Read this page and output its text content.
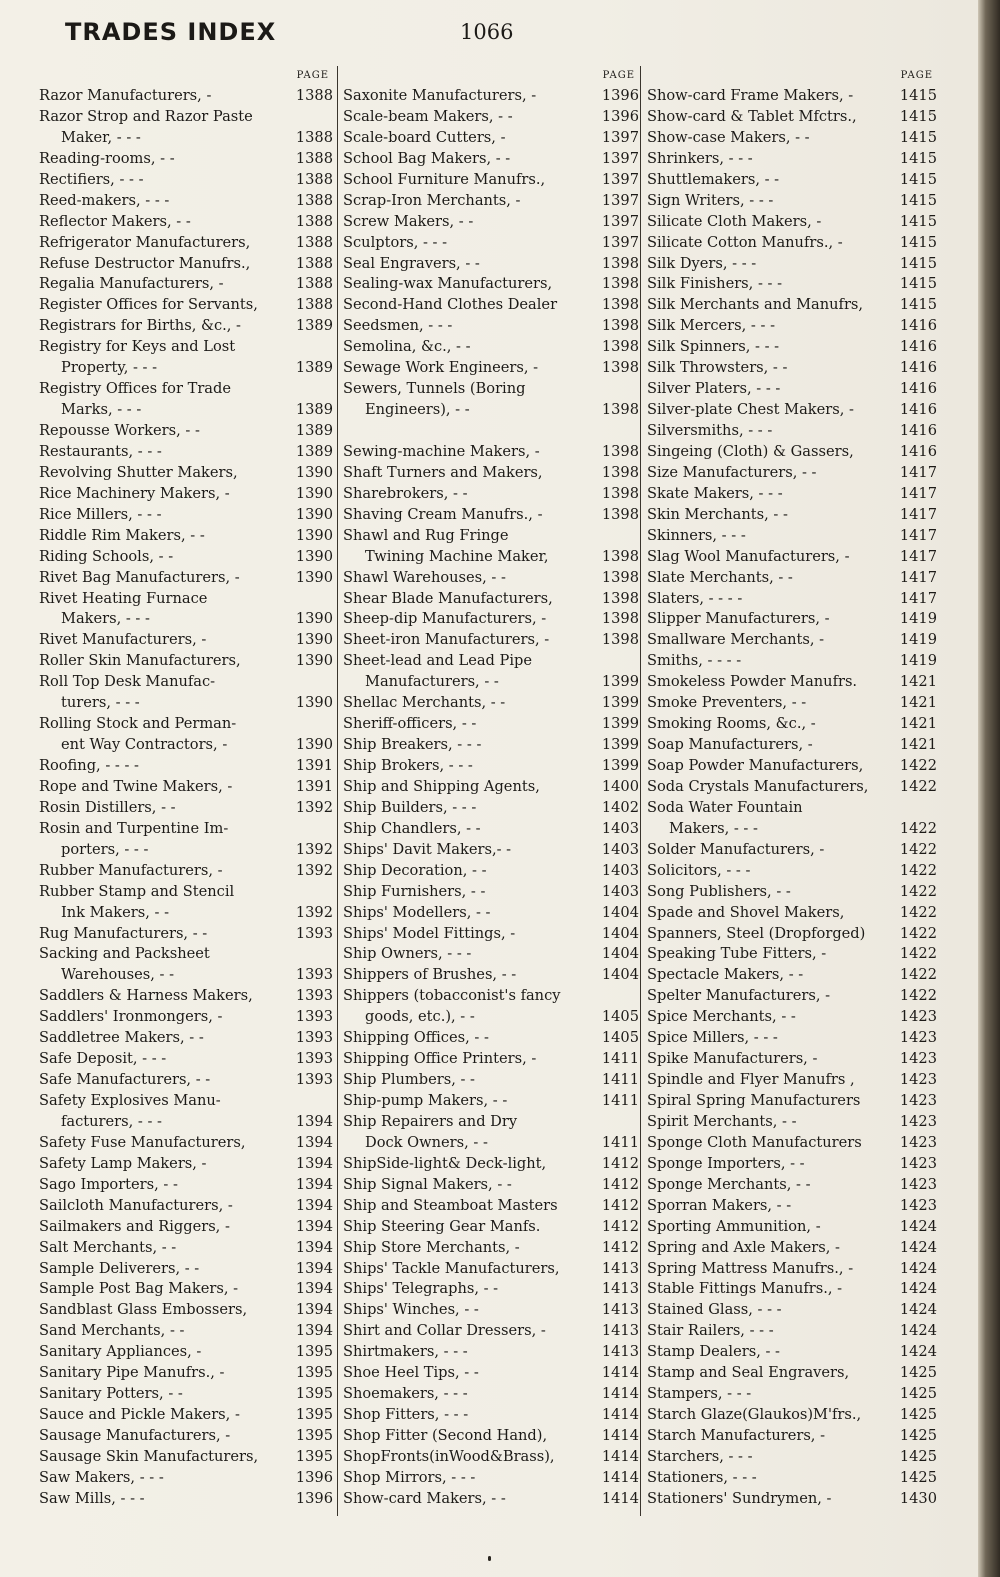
TRADES INDEX	1066
PAGE
Razor Manufacturers, -	1388
Razor Strop and Razor Paste
Maker, - - -	1388
Reading-rooms, - -	1388
Rectifiers, - - -	1388
Reed-makers, - - -	1388
Reflector Makers, - -	1388
Refrigerator Manufacturers,	1388
Refuse Destructor Manufrs.,	1388
Regalia Manufacturers, -	1388
Register Offices for Servants,	1388
Registrars for Births, &c., -	1389
Registry for Keys and Lost
Property, - - -	1389
Registry Offices for Trade
Marks, - - -	1389
Repousse Workers, - -	1389
Restaurants, - - -	1389
Revolving Shutter Makers,	1390
Rice Machinery Makers, -	1390
Rice Millers, - - -	1390
Riddle Rim Makers, - -	1390
Riding Schools, - -	1390
Rivet Bag Manufacturers, -	1390
Rivet Heating Furnace
Makers, - - -	1390
Rivet Manufacturers, -	1390
Roller Skin Manufacturers,	1390
Roll Top Desk Manufac-
turers, - - -	1390
Rolling Stock and Perman-
ent Way Contractors, -	1390
Roofing, - - - -	1391
Rope and Twine Makers, -	1391
Rosin Distillers, - -	1392
Rosin and Turpentine Im-
porters, - - -	1392
Rubber Manufacturers, -	1392
Rubber Stamp and Stencil
Ink Makers, - -	1392
Rug Manufacturers, - -	1393
Sacking and Packsheet
Warehouses, - -	1393
Saddlers & Harness Makers,	1393
Saddlers' Ironmongers, -	1393
Saddletree Makers, - -	1393
Safe Deposit, - - -	1393
Safe Manufacturers, - -	1393
Safety Explosives Manu-
facturers, - - -	1394
Safety Fuse Manufacturers,	1394
Safety Lamp Makers, -	1394
Sago Importers, - -	1394
Sailcloth Manufacturers, -	1394
Sailmakers and Riggers, -	1394
Salt Merchants, - -	1394
Sample Deliverers, - -	1394
Sample Post Bag Makers, -	1394
Sandblast Glass Embossers,	1394
Sand Merchants, - -	1394
Sanitary Appliances, -	1395
Sanitary Pipe Manufrs., -	1395
Sanitary Potters, - -	1395
Sauce and Pickle Makers, -	1395
Sausage Manufacturers, -	1395
Sausage Skin Manufacturers,	1395
Saw Makers, - - -	1396
Saw Mills, - - -	1396
PAGE
Saxonite Manufacturers, -	1396
Scale-beam Makers, - -	1396
Scale-board Cutters, -	1397
School Bag Makers, - -	1397
School Furniture Manufrs.,	1397
Scrap-Iron Merchants, -	1397
Screw Makers, - -	1397
Sculptors, - - -	1397
Seal Engravers, - -	1398
Sealing-wax Manufacturers,	1398
Second-Hand Clothes Dealer	1398
Seedsmen, - - -	1398
Semolina, &c., - -	1398
Sewage Work Engineers, -	1398
Sewers, Tunnels (Boring
Engineers), - -	1398
Sewing-machine Makers, -	1398
Shaft Turners and Makers,	1398
Sharebrokers, - -	1398
Shaving Cream Manufrs., -	1398
Shawl and Rug Fringe
Twining Machine Maker,	1398
Shawl Warehouses, - -	1398
Shear Blade Manufacturers,	1398
Sheep-dip Manufacturers, -	1398
Sheet-iron Manufacturers, -	1398
Sheet-lead and Lead Pipe
Manufacturers, - -	1399
Shellac Merchants, - -	1399
Sheriff-officers, - -	1399
Ship Breakers, - - -	1399
Ship Brokers, - - -	1399
Ship and Shipping Agents,	1400
Ship Builders, - - -	1402
Ship Chandlers, - -	1403
Ships' Davit Makers,- -	1403
Ship Decoration, - -	1403
Ship Furnishers, - -	1403
Ships' Modellers, - -	1404
Ships' Model Fittings, -	1404
Ship Owners, - - -	1404
Shippers of Brushes, - -	1404
Shippers (tobacconist's fancy
goods, etc.), - -	1405
Shipping Offices, - -	1405
Shipping Office Printers, -	1411
Ship Plumbers, - -	1411
Ship-pump Makers, - -	1411
Ship Repairers and Dry
Dock Owners, - -	1411
ShipSide-light& Deck-light,	1412
Ship Signal Makers, - -	1412
Ship and Steamboat Masters	1412
Ship Steering Gear Manfs.	1412
Ship Store Merchants, -	1412
Ships' Tackle Manufacturers,	1413
Ships' Telegraphs, - -	1413
Ships' Winches, - -	1413
Shirt and Collar Dressers, -	1413
Shirtmakers, - - -	1413
Shoe Heel Tips, - -	1414
Shoemakers, - - -	1414
Shop Fitters, - - -	1414
Shop Fitter (Second Hand),	1414
ShopFronts(inWood&Brass),	1414
Shop Mirrors, - - -	1414
Show-card Makers, - -	1414
PAGE
Show-card Frame Makers, -	1415
Show-card & Tablet Mfctrs.,	1415
Show-case Makers, - -	1415
Shrinkers, - - -	1415
Shuttlemakers, - -	1415
Sign Writers, - - -	1415
Silicate Cloth Makers, -	1415
Silicate Cotton Manufrs., -	1415
Silk Dyers, - - -	1415
Silk Finishers, - - -	1415
Silk Merchants and Manufrs,	1415
Silk Mercers, - - -	1416
Silk Spinners, - - -	1416
Silk Throwsters, - -	1416
Silver Platers, - - -	1416
Silver-plate Chest Makers, -	1416
Silversmiths, - - -	1416
Singeing (Cloth) & Gassers,	1416
Size Manufacturers, - -	1417
Skate Makers, - - -	1417
Skin Merchants, - -	1417
Skinners, - - -	1417
Slag Wool Manufacturers, -	1417
Slate Merchants, - -	1417
Slaters, - - - -	1417
Slipper Manufacturers, -	1419
Smallware Merchants, -	1419
Smiths, - - - -	1419
Smokeless Powder Manufrs.	1421
Smoke Preventers, - -	1421
Smoking Rooms, &c., -	1421
Soap Manufacturers, -	1421
Soap Powder Manufacturers,	1422
Soda Crystals Manufacturers,	1422
Soda Water Fountain
Makers, - - -	1422
Solder Manufacturers, -	1422
Solicitors, - - -	1422
Song Publishers, - -	1422
Spade and Shovel Makers,	1422
Spanners, Steel (Dropforged)	1422
Speaking Tube Fitters, -	1422
Spectacle Makers, - -	1422
Spelter Manufacturers, -	1422
Spice Merchants, - -	1423
Spice Millers, - - -	1423
Spike Manufacturers, -	1423
Spindle and Flyer Manufrs ,	1423
Spiral Spring Manufacturers	1423
Spirit Merchants, - -	1423
Sponge Cloth Manufacturers	1423
Sponge Importers, - -	1423
Sponge Merchants, - -	1423
Sporran Makers, - -	1423
Sporting Ammunition, -	1424
Spring and Axle Makers, -	1424
Spring Mattress Manufrs., -	1424
Stable Fittings Manufrs., -	1424
Stained Glass, - - -	1424
Stair Railers, - - -	1424
Stamp Dealers, - -	1424
Stamp and Seal Engravers,	1425
Stampers, - - -	1425
Starch Glaze(Glaukos)M'frs.,	1425
Starch Manufacturers, -	1425
Starchers, - - -	1425
Stationers, - - -	1425
Stationers' Sundrymen, -	1430
